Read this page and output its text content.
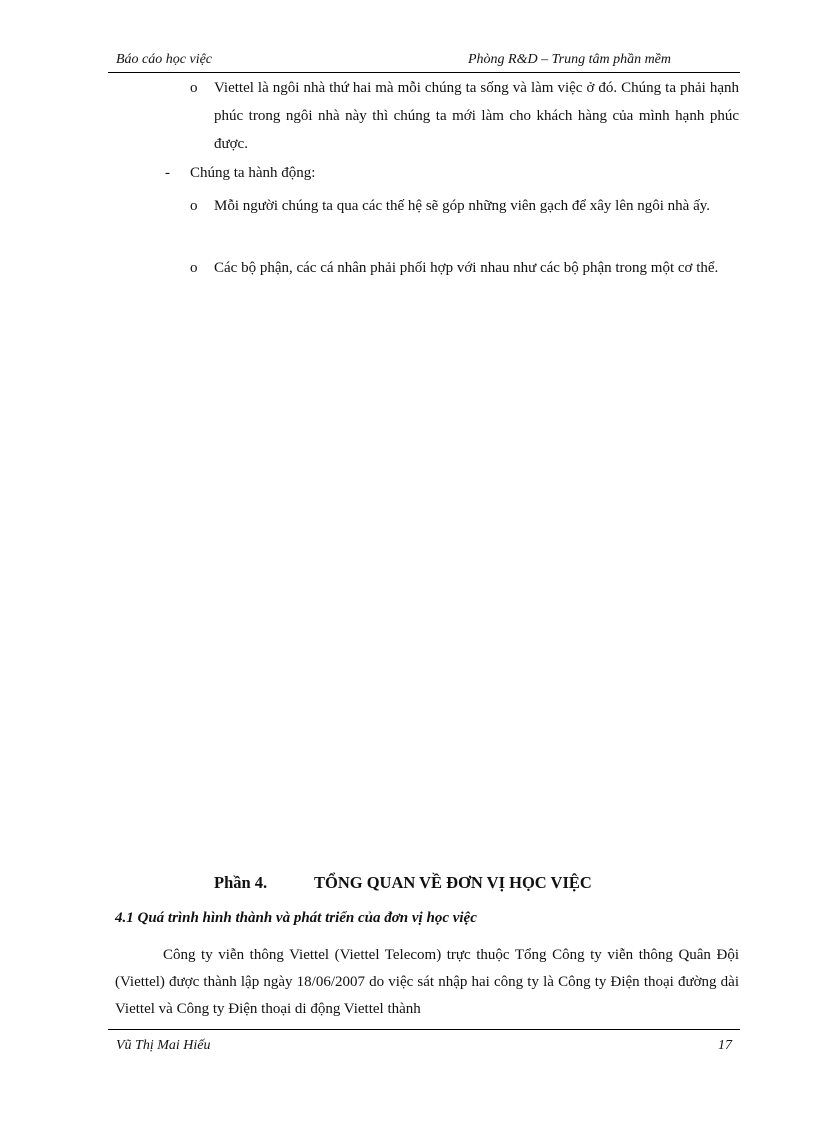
Báo cáo học việc	Phòng R&D – Trung tâm phần mềm
o Viettel là ngôi nhà thứ hai mà mỗi chúng ta sống và làm việc ở đó. Chúng ta phải hạnh phúc trong ngôi nhà này thì chúng ta mới làm cho khách hàng của mình hạnh phúc được.
- Chúng ta hành động:
o Mỗi người chúng ta qua các thế hệ sẽ góp những viên gạch để xây lên ngôi nhà ấy.
o Các bộ phận, các cá nhân phải phối hợp với nhau như các bộ phận trong một cơ thể.
Phần 4.	TỔNG QUAN VỀ ĐƠN VỊ HỌC VIỆC
4.1 Quá trình hình thành và phát triển của đơn vị học việc
Công ty viễn thông Viettel (Viettel Telecom) trực thuộc Tổng Công ty viễn thông Quân Đội (Viettel) được thành lập ngày 18/06/2007 do việc sát nhập hai công ty là Công ty Điện thoại đường dài Viettel và Công ty Điện thoại di động Viettel thành
Vũ Thị Mai Hiếu	17
